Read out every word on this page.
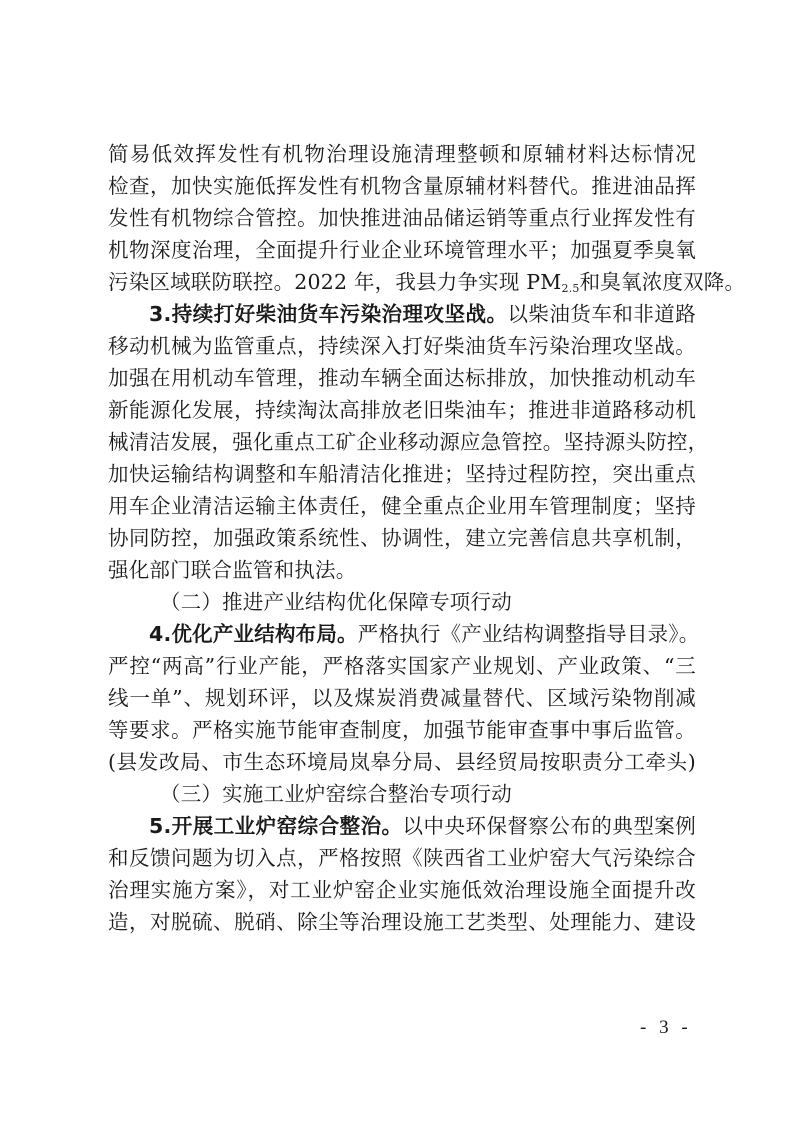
简易低效挥发性有机物治理设施清理整顿和原辅材料达标情况
检查，加快实施低挥发性有机物含量原辅材料替代。推进油品挥
发性有机物综合管控。加快推进油品储运销等重点行业挥发性有
机物深度治理，全面提升行业企业环境管理水平；加强夏季臭氧
污染区域联防联控。2022 年，我县力争实现 $PM_{2.5}$和臭氧浓度双降。
3.持续打好柴油货车污染治理攻坚战。以柴油货车和非道路
移动机械为监管重点，持续深入打好柴油货车污染治理攻坚战。
加强在用机动车管理，推动车辆全面达标排放，加快推动机动车
新能源化发展，持续淘汰高排放老旧柴油车；推进非道路移动机
械清洁发展，强化重点工矿企业移动源应急管控。坚持源头防控，
加快运输结构调整和车船清洁化推进；坚持过程防控，突出重点
用车企业清洁运输主体责任，健全重点企业用车管理制度；坚持
协同防控，加强政策系统性、协调性，建立完善信息共享机制，
强化部门联合监管和执法。
（二）推进产业结构优化保障专项行动
4.优化产业结构布局。严格执行《产业结构调整指导目录》。
严控“两高”行业产能，严格落实国家产业规划、产业政策、“三
线一单”、规划环评，以及煤炭消费减量替代、区域污染物削减
等要求。严格实施节能审查制度，加强节能审查事中事后监管。
(县发改局、市生态环境局岚皋分局、县经贸局按职责分工牵头)
（三）实施工业炉窑综合整治专项行动
5.开展工业炉窑综合整治。以中央环保督察公布的典型案例
和反馈问题为切入点，严格按照《陕西省工业炉窑大气污染综合
治理实施方案》，对工业炉窑企业实施低效治理设施全面提升改
造，对脱硫、脱硝、除尘等治理设施工艺类型、处理能力、建设
- 3 -
